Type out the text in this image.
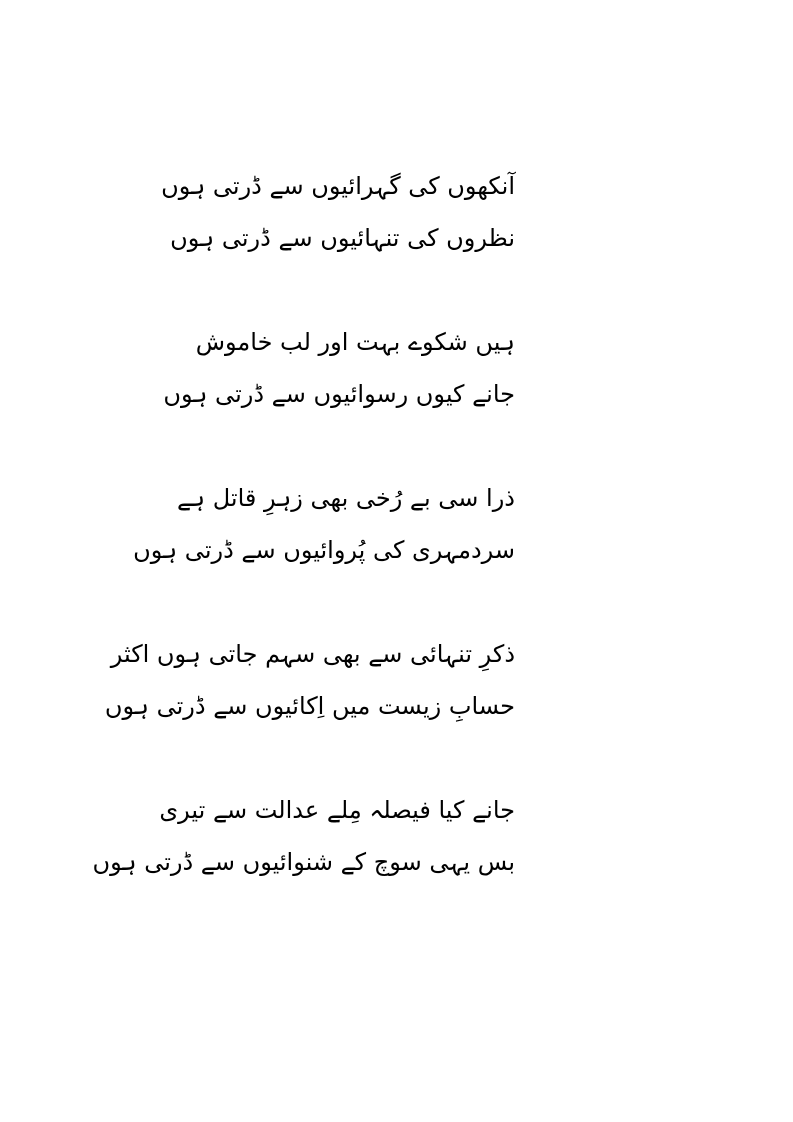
آنکھوں کی گہرائیوں سے ڈرتی ہوں
نظروں کی تنہائیوں سے ڈرتی ہوں
ہیں شکوے بہت اور لب خاموش
جانے کیوں رسوائیوں سے ڈرتی ہوں
ذرا سی بے رُخی بھی زہرِ قاتل ہے
سردمہری کی پُروائیوں سے ڈرتی ہوں
ذکرِ تنہائی سے بھی سہم جاتی ہوں اکثر
حسابِ زیست میں اِکائیوں سے ڈرتی ہوں
جانے کیا فیصلہ مِلے عدالت سے تیری
بس یہی سوچ کے شنوائیوں سے ڈرتی ہوں
